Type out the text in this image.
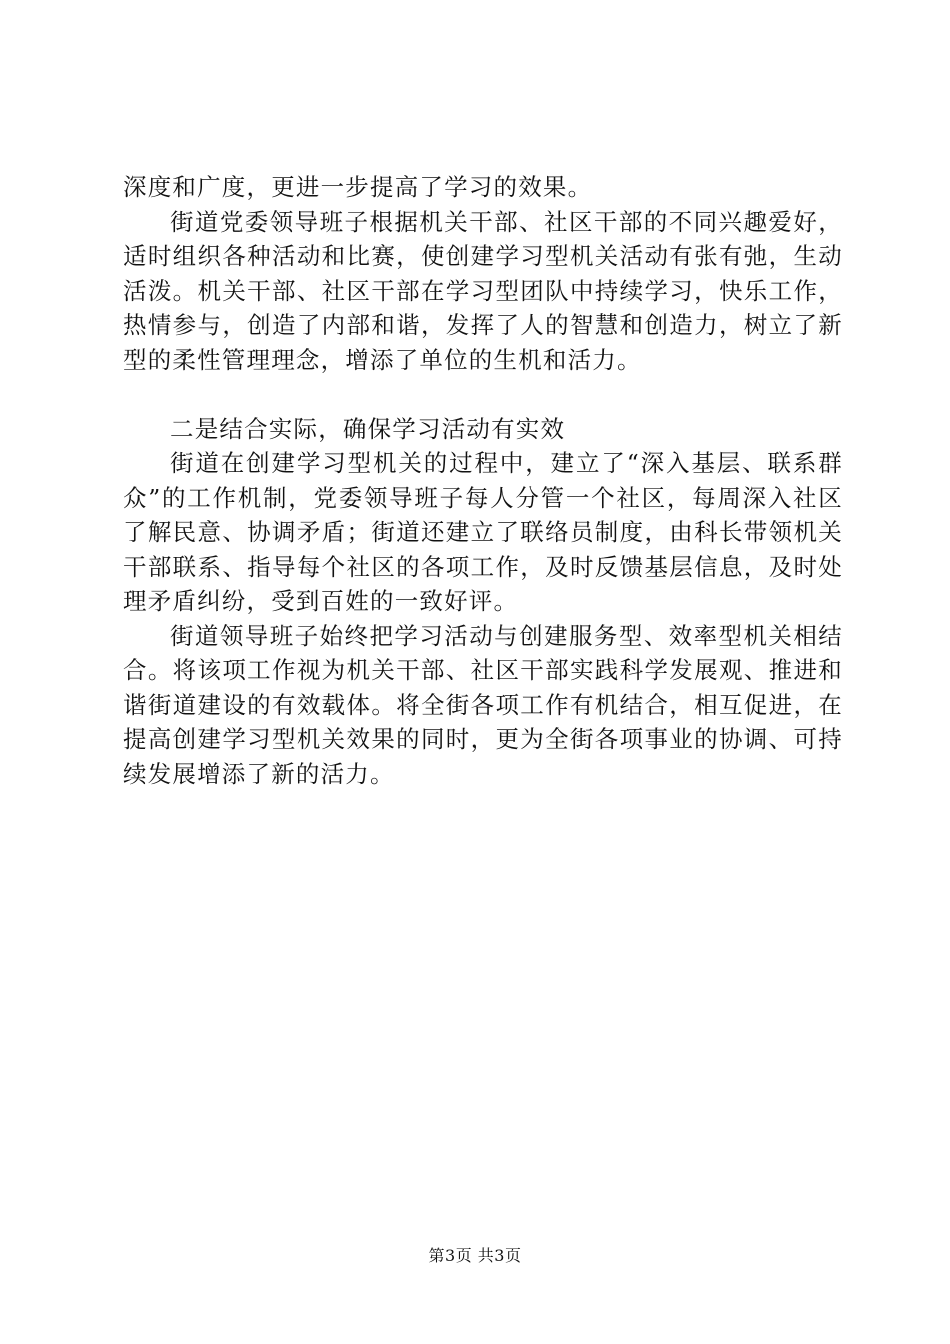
深度和广度，更进一步提高了学习的效果。

街道党委领导班子根据机关干部、社区干部的不同兴趣爱好，适时组织各种活动和比赛，使创建学习型机关活动有张有弛，生动活泼。机关干部、社区干部在学习型团队中持续学习，快乐工作，热情参与，创造了内部和谐，发挥了人的智慧和创造力，树立了新型的柔性管理理念，增添了单位的生机和活力。

二是结合实际，确保学习活动有实效

街道在创建学习型机关的过程中，建立了“深入基层、联系群众”的工作机制，党委领导班子每人分管一个社区，每周深入社区了解民意、协调矛盾；街道还建立了联络员制度，由科长带领机关干部联系、指导每个社区的各项工作，及时反馈基层信息，及时处理矛盾纠纷，受到百姓的一致好评。

街道领导班子始终把学习活动与创建服务型、效率型机关相结合。将该项工作视为机关干部、社区干部实践科学发展观、推进和谐街道建设的有效载体。将全街各项工作有机结合，相互促进，在提高创建学习型机关效果的同时，更为全街各项事业的协调、可持续发展增添了新的活力。

第3页 共3页
